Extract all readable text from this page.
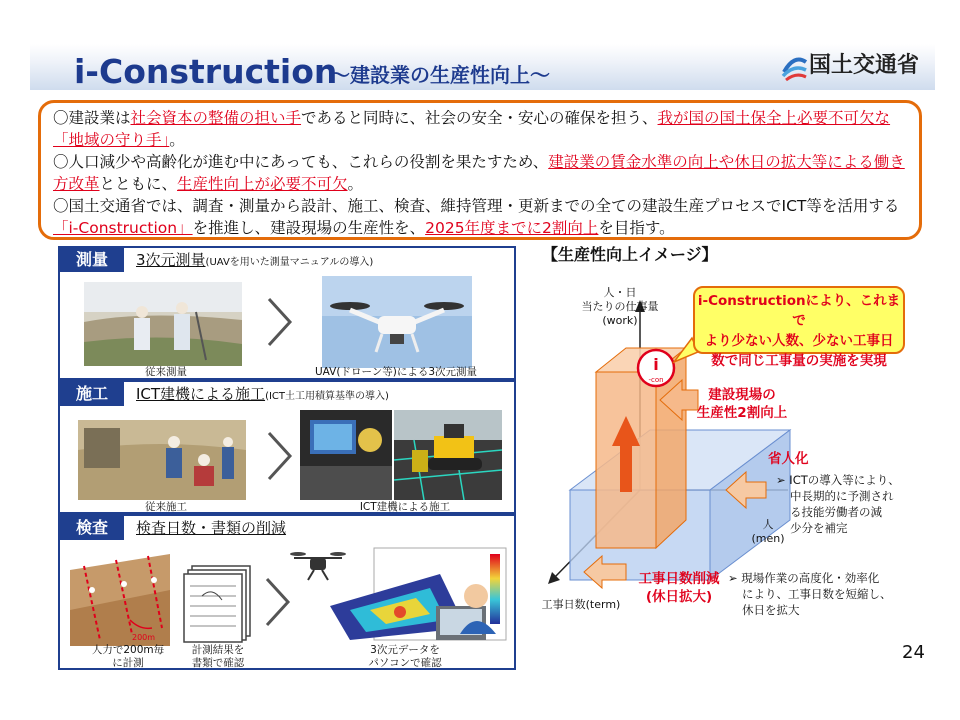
i-Construction
～建設業の生産性向上～	国土交通省

〇建設業は社会資本の整備の担い手であると同時に、社会の安全・安心の確保を担う、我が国の国土保全上必要不可欠な「地域の守り手」。

〇人口減少や高齢化が進む中にあっても、これらの役割を果たすため、建設業の賃金水準の向上や休日の拡大等による働き方改革とともに、生産性向上が必要不可欠。

〇国土交通省では、調査・測量から設計、施工、検査、維持管理・更新までの全ての建設生産プロセスでICT等を活用する「i-Construction」を推進し、建設現場の生産性を、2025年度までに2割向上を目指す。

測量	3次元測量(UAVを用いた測量マニュアルの導入)
従来測量	UAV(ドローン等)による3次元測量
施工	ICT建機による施工(ICT土工用積算基準の導入)
従来施工	ICT建機による施工
検査	検査日数・書類の削減
200m
人力で200m毎
に計測
計測結果を
書類で確認
3次元データを
パソコンで確認
【生産性向上イメージ】
i
-con
i-Constructionにより、これまで
より少ない人数、少ない工事日
数で同じ工事量の実施を実現
人・日
当たりの仕事量
(work)
人
(men)
工事日数(term)
建設現場の
生産性2割向上
省人化
➢ ICTの導入等により、
中長期的に予測され
る技能労働者の減
少分を補完
工事日数削減
(休日拡大)
➢ 現場作業の高度化・効率化
により、工事日数を短縮し、
休日を拡大
24
